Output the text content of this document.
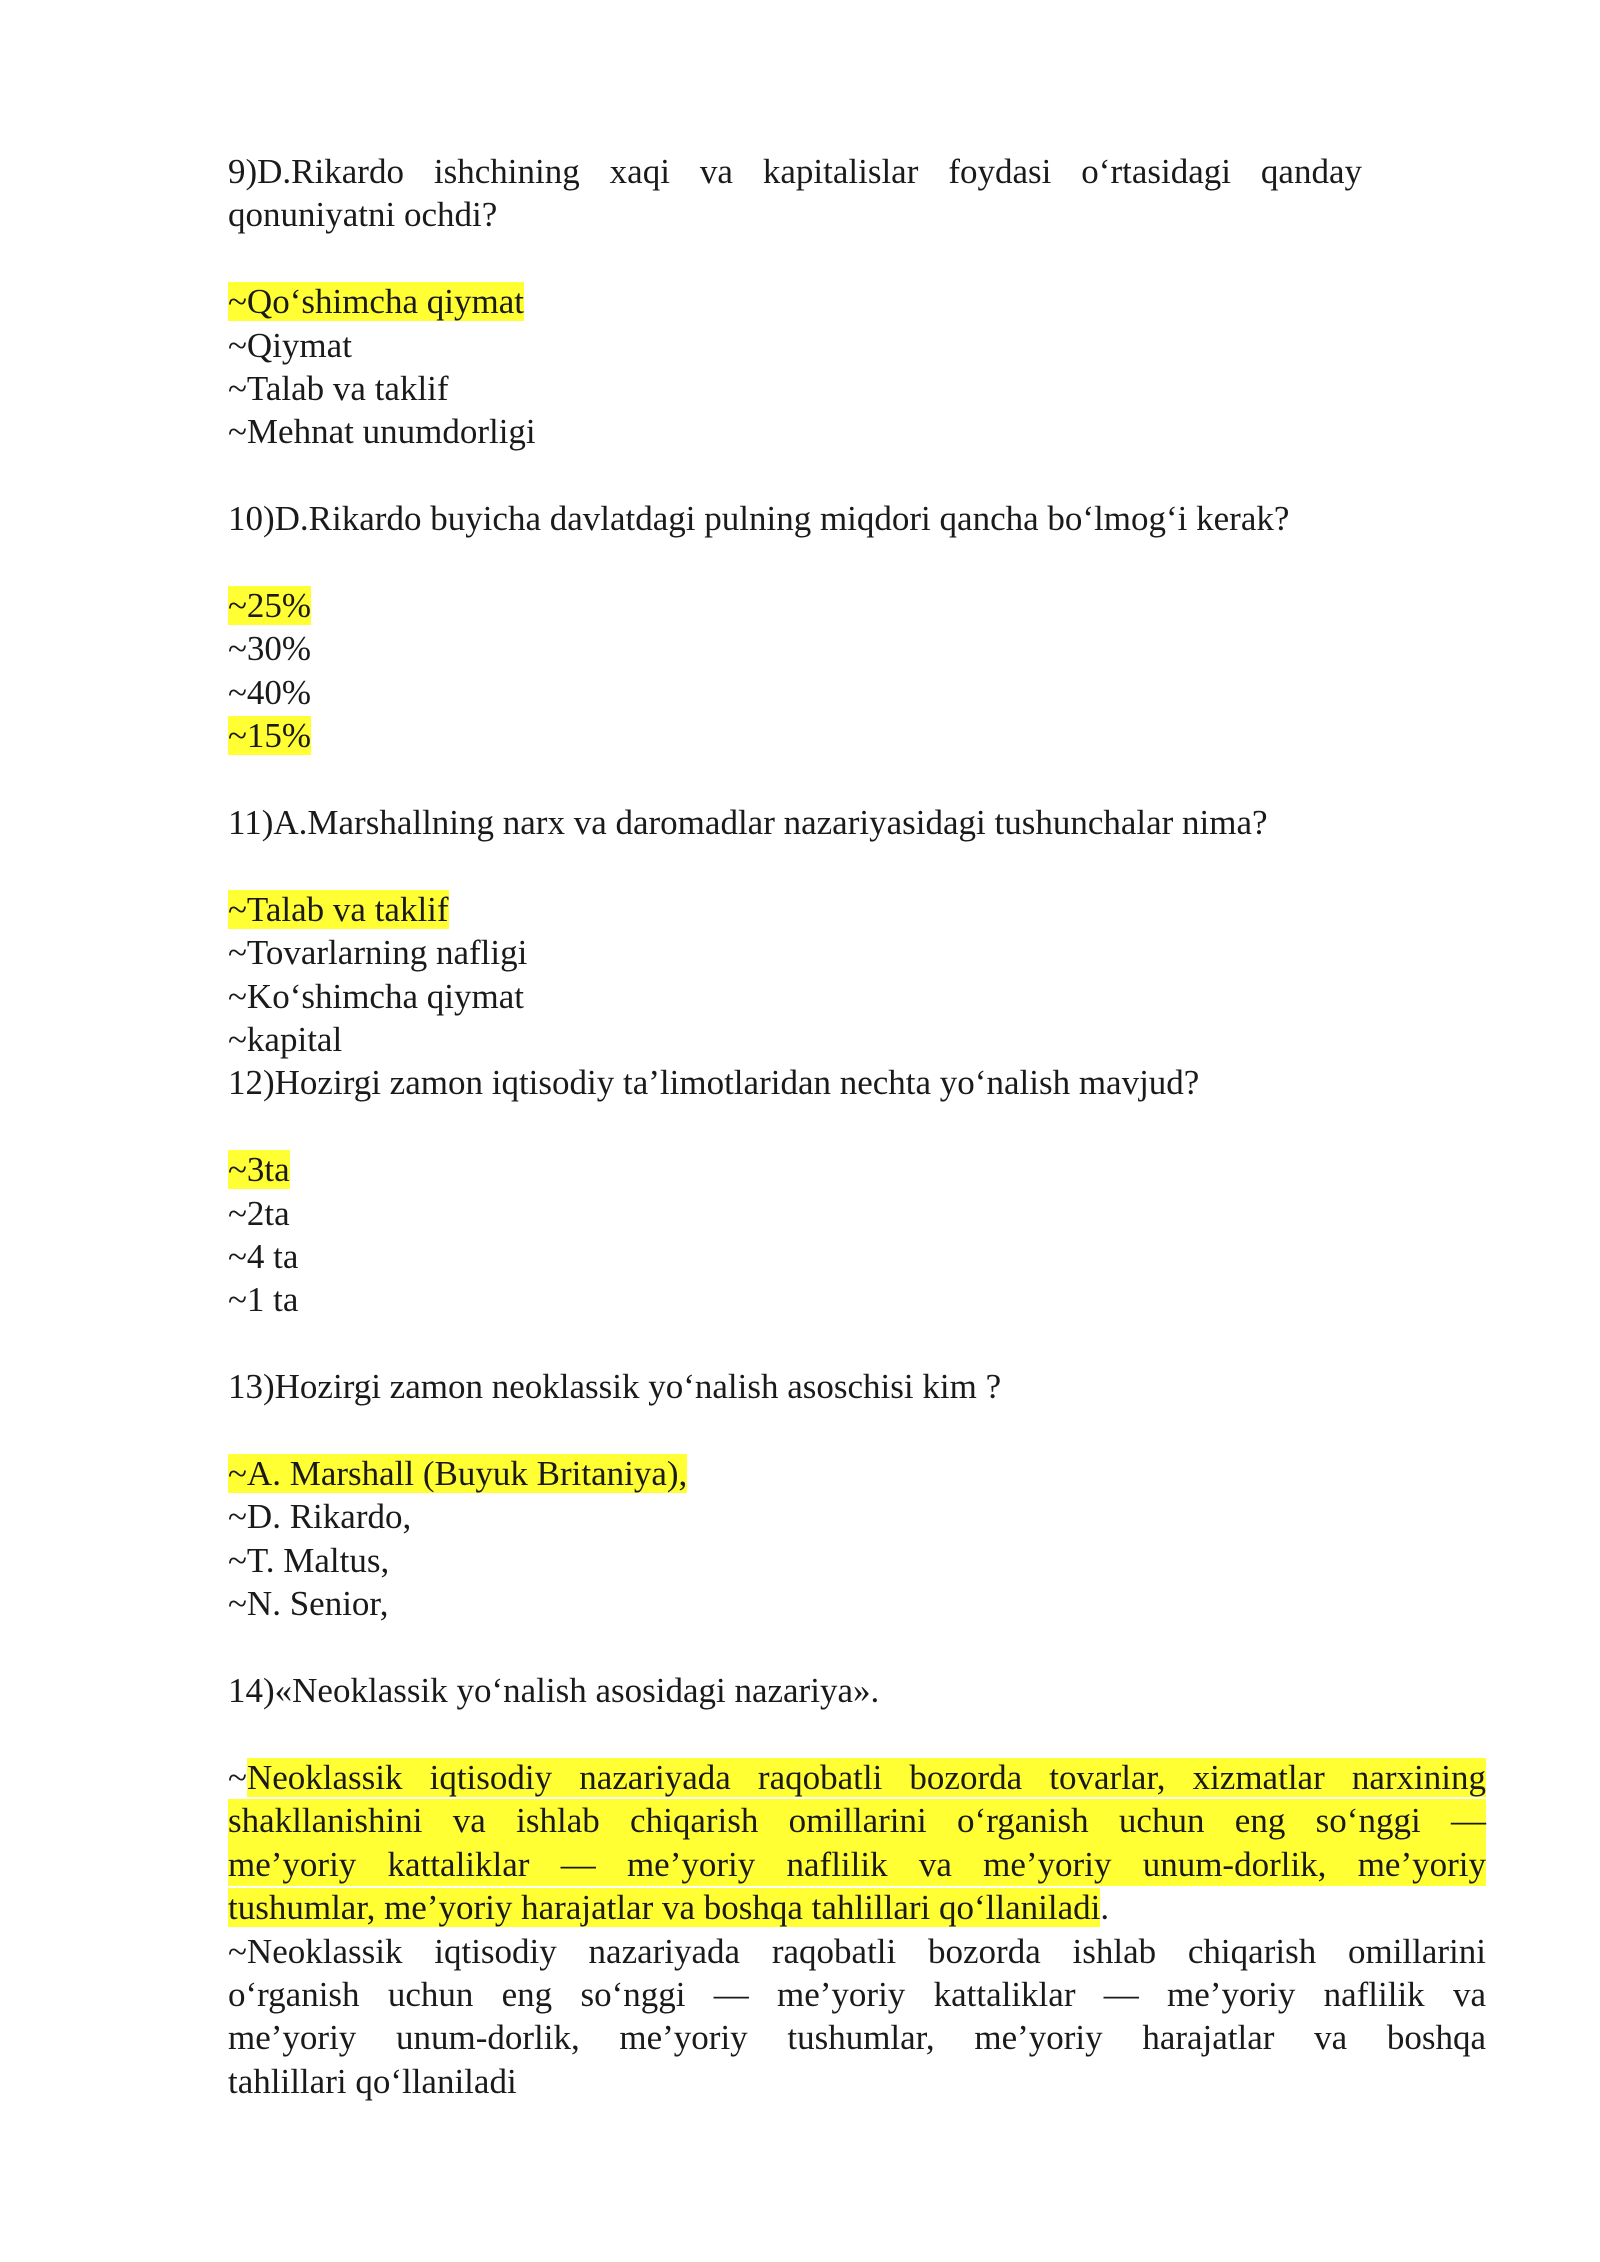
9)D.Rikardo ishchining xaqi va kapitalislar foydasi o‘rtasidagi qanday
qonuniyatni ochdi?
~Qo‘shimcha qiymat
~Qiymat
~Talab va taklif
~Mehnat unumdorligi
10)D.Rikardo buyicha davlatdagi pulning miqdori qancha bo‘lmog‘i kerak?
~25%
~30%
~40%
~15%
11)A.Marshallning narx va daromadlar nazariyasidagi tushunchalar nima?
~Talab va taklif
~Tovarlarning nafligi
~Ko‘shimcha qiymat
~kapital
12)Hozirgi zamon iqtisodiy ta’limotlaridan nechta yo‘nalish mavjud?
~3ta
~2ta
~4 ta
~1 ta
13)Hozirgi zamon neoklassik yo‘nalish asoschisi kim ?
~A. Marshall (Buyuk Britaniya),
~D. Rikardo,
~T. Maltus,
~N. Senior,
14)«Neoklassik yo‘nalish asosidagi nazariya».
~Neoklassik iqtisodiy nazariyada raqobatli bozorda tovarlar, xizmatlar narxining
shakllanishini va ishlab chiqarish omillarini o‘rganish uchun eng so‘nggi —
me’yoriy kattaliklar — me’yoriy naflilik va me’yoriy unum-dorlik, me’yoriy
tushumlar, me’yoriy harajatlar va boshqa tahlillari qo‘llaniladi.
~Neoklassik iqtisodiy nazariyada raqobatli bozorda ishlab chiqarish omillarini
o‘rganish uchun eng so‘nggi — me’yoriy kattaliklar — me’yoriy naflilik va
me’yoriy unum-dorlik, me’yoriy tushumlar, me’yoriy harajatlar va boshqa
tahlillari qo‘llaniladi
